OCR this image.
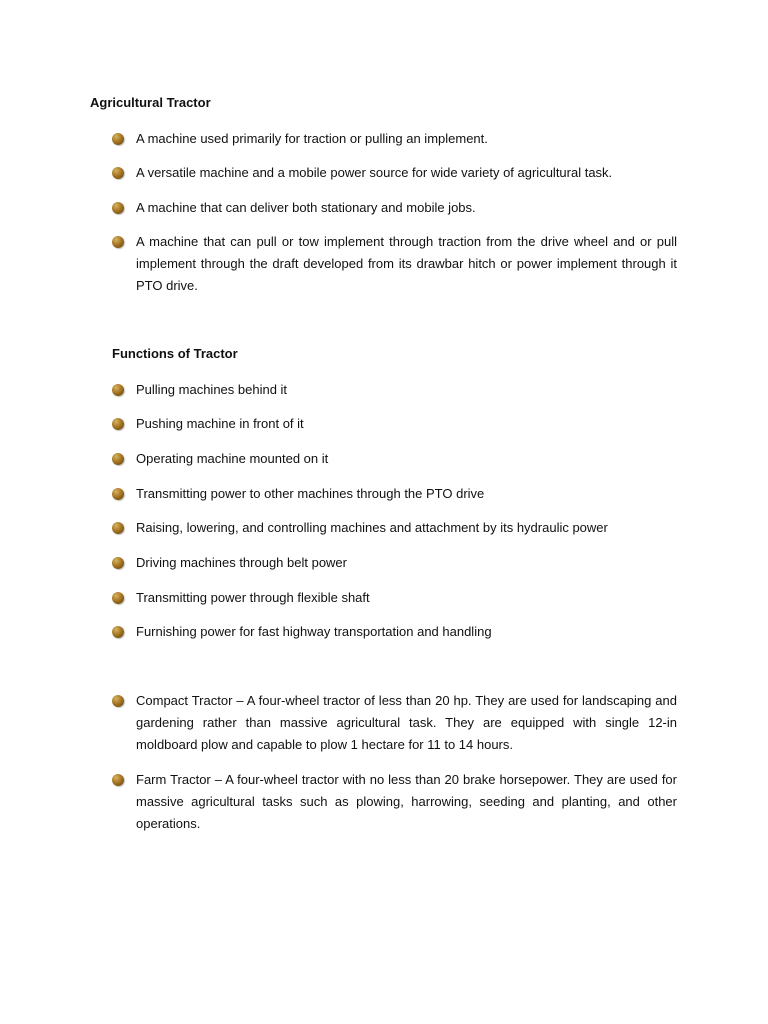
Agricultural Tractor
A machine used primarily for traction or pulling an implement.
A versatile machine and a mobile power source for wide variety of agricultural task.
A machine that can deliver both stationary and mobile jobs.
A machine that can pull or tow implement through traction from the drive wheel and or pull implement through the draft developed from its drawbar hitch or power implement through it PTO drive.
Functions of Tractor
Pulling machines behind it
Pushing machine in front of it
Operating machine mounted on it
Transmitting power to other machines through the PTO drive
Raising, lowering, and controlling machines and attachment by its hydraulic power
Driving machines through belt power
Transmitting power through flexible shaft
Furnishing power for fast highway transportation and handling
Compact Tractor – A four-wheel tractor of less than 20 hp. They are used for landscaping and gardening rather than massive agricultural task. They are equipped with single 12-in moldboard plow and capable to plow 1 hectare for 11 to 14 hours.
Farm Tractor – A four-wheel tractor with no less than 20 brake horsepower. They are used for massive agricultural tasks such as plowing, harrowing, seeding and planting, and other operations.
